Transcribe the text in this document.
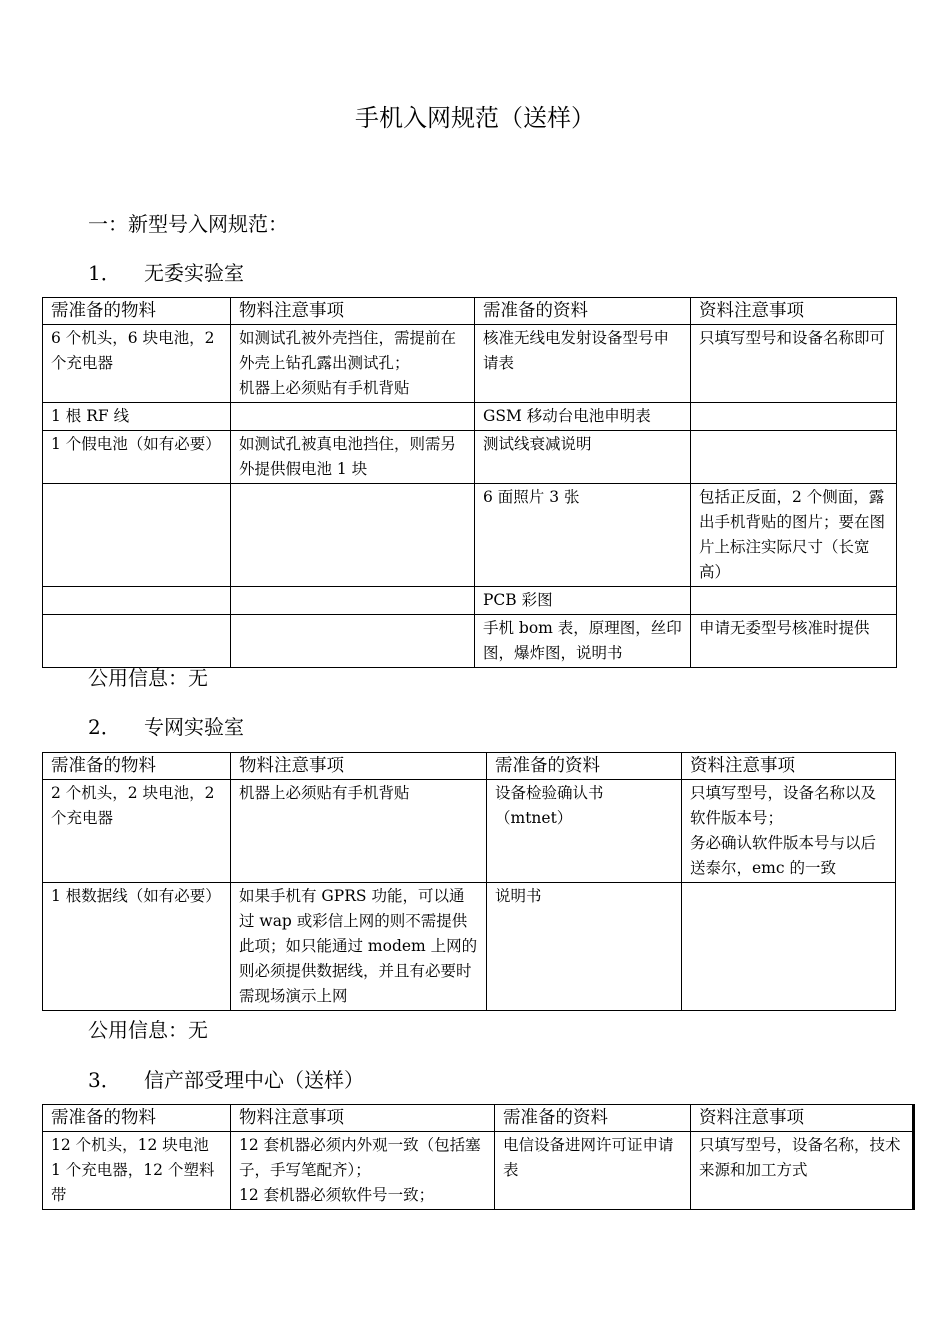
手机入网规范（送样）
一：新型号入网规范：
1． 无委实验室
需准备的物料	物料注意事项	需准备的资料	资料注意事项

6 个机头，6 块电池，2 个充电器	如测试孔被外壳挡住，需提前在外壳上钻孔露出测试孔；
机器上必须贴有手机背贴	核准无线电发射设备型号申请表	只填写型号和设备名称即可

1 根 RF 线		GSM 移动台电池申明表	

1 个假电池（如有必要）	如测试孔被真电池挡住，则需另外提供假电池 1 块	测试线衰减说明	

		6 面照片 3 张	包括正反面，2 个侧面，露出手机背贴的图片；要在图片上标注实际尺寸（长宽高）

		PCB 彩图	

		手机 bom 表，原理图，丝印图，爆炸图，说明书	申请无委型号核准时提供
公用信息：无
2． 专网实验室
需准备的物料	物料注意事项	需准备的资料	资料注意事项

2 个机头，2 块电池，2 个充电器	机器上必须贴有手机背贴	设备检验确认书（mtnet）	只填写型号，设备名称以及软件版本号；
务必确认软件版本号与以后送泰尔，emc 的一致

1 根数据线（如有必要）	如果手机有 GPRS 功能，可以通过 wap 或彩信上网的则不需提供此项；如只能通过 modem 上网的则必须提供数据线，并且有必要时需现场演示上网	说明书	

公用信息：无
3． 信产部受理中心（送样）
需准备的物料	物料注意事项	需准备的资料	资料注意事项

12 个机头，12 块电池
1 个充电器，12 个塑料带	12 套机器必须内外观一致（包括塞子，手写笔配齐）；
12 套机器必须软件号一致；	电信设备进网许可证申请表	只填写型号，设备名称，技术来源和加工方式
